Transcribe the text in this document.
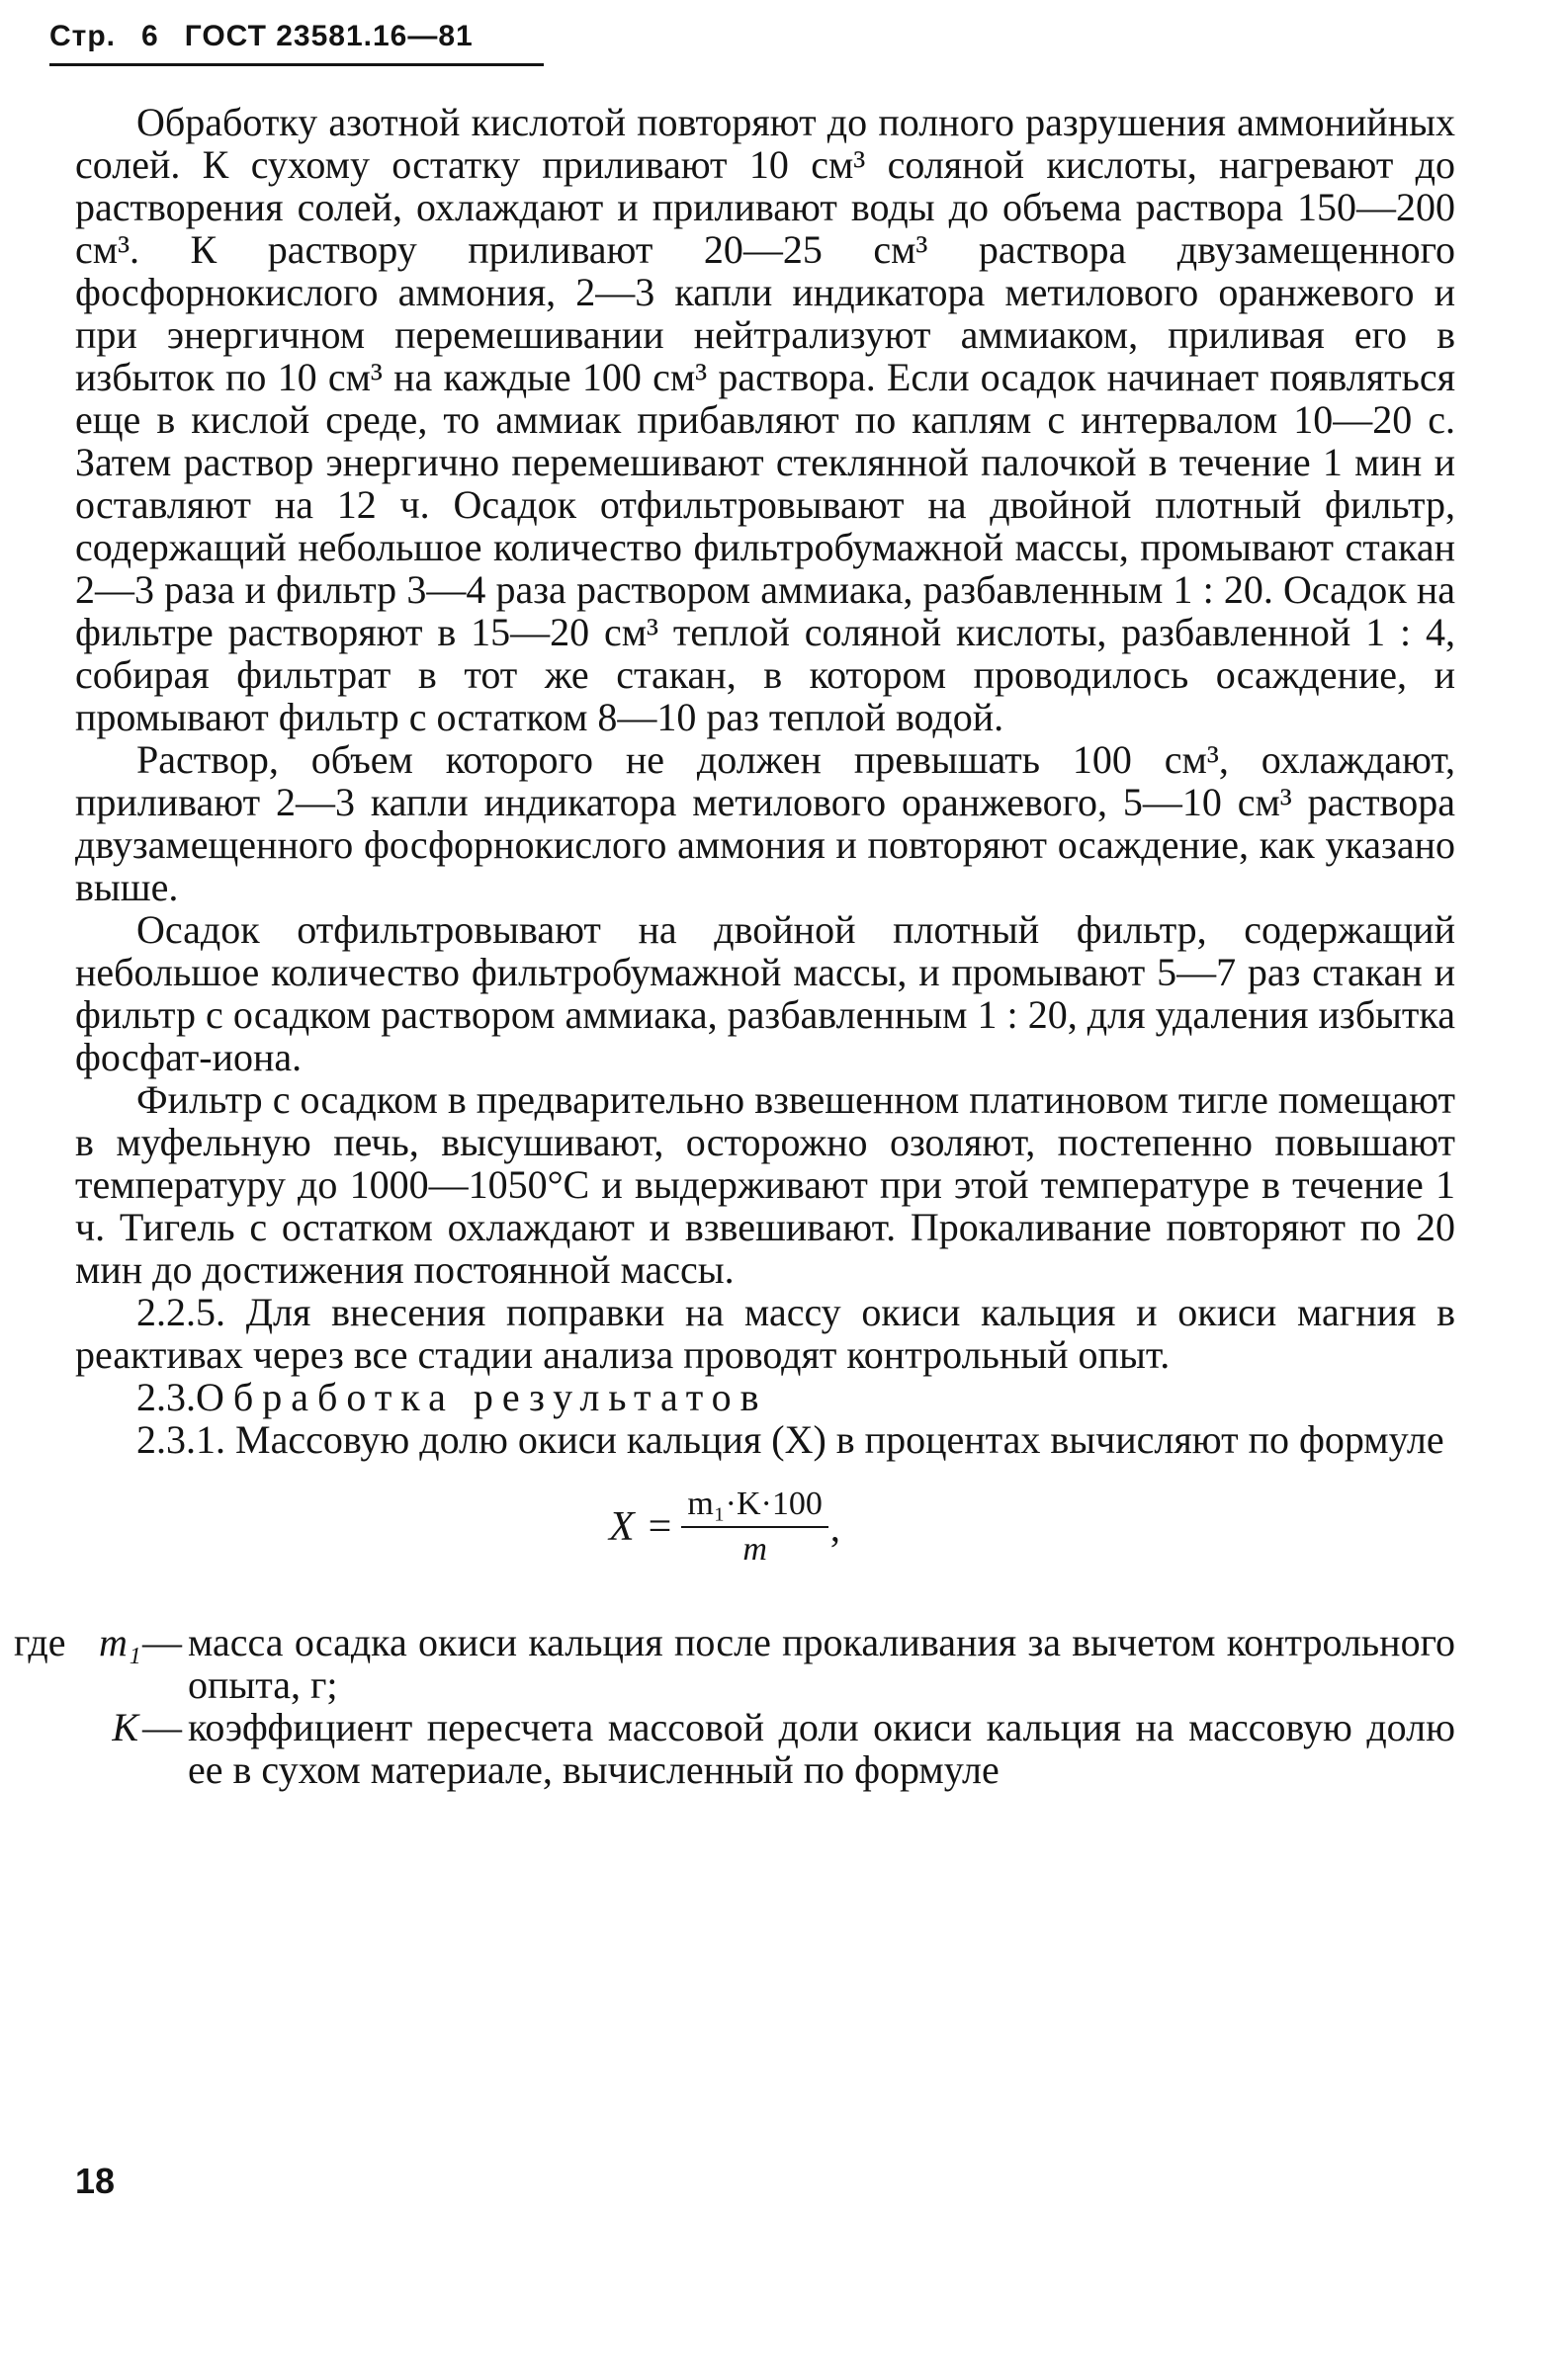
Стр. 6 ГОСТ 23581.16—81

Обработку азотной кислотой повторяют до полного разрушения аммонийных солей. К сухому остатку приливают 10 см³ соляной кислоты, нагревают до растворения солей, охлаждают и приливают воды до объема раствора 150—200 см³. К раствору приливают 20—25 см³ раствора двузамещенного фосфорнокислого аммония, 2—3 капли индикатора метилового оранжевого и при энергичном перемешивании нейтрализуют аммиаком, приливая его в избыток по 10 см³ на каждые 100 см³ раствора. Если осадок начинает появляться еще в кислой среде, то аммиак прибавляют по каплям с интервалом 10—20 с. Затем раствор энергично перемешивают стеклянной палочкой в течение 1 мин и оставляют на 12 ч. Осадок отфильтровывают на двойной плотный фильтр, содержащий небольшое количество фильтробумажной массы, промывают стакан 2—3 раза и фильтр 3—4 раза раствором аммиака, разбавленным 1 : 20. Осадок на фильтре растворяют в 15—20 см³ теплой соляной кислоты, разбавленной 1 : 4, собирая фильтрат в тот же стакан, в котором проводилось осаждение, и промывают фильтр с остатком 8—10 раз теплой водой.

Раствор, объем которого не должен превышать 100 см³, охлаждают, приливают 2—3 капли индикатора метилового оранжевого, 5—10 см³ раствора двузамещенного фосфорнокислого аммония и повторяют осаждение, как указано выше.

Осадок отфильтровывают на двойной плотный фильтр, содержащий небольшое количество фильтробумажной массы, и промывают 5—7 раз стакан и фильтр с осадком раствором аммиака, разбавленным 1 : 20, для удаления избытка фосфат-иона.

Фильтр с осадком в предварительно взвешенном платиновом тигле помещают в муфельную печь, высушивают, осторожно озоляют, постепенно повышают температуру до 1000—1050°С и выдерживают при этой температуре в течение 1 ч. Тигель с остатком охлаждают и взвешивают. Прокаливание повторяют по 20 мин до достижения постоянной массы.

2.2.5. Для внесения поправки на массу окиси кальция и окиси магния в реактивах через все стадии анализа проводят контрольный опыт.

2.3.Обработка результатов

2.3.1. Массовую долю окиси кальция (X) в процентах вычисляют по формуле

$X = \frac{\text{m₁·K·100}}{m}$ ,
где m₁ — масса осадка окиси кальция после прокаливания за вычетом контрольного опыта, г;
K — коэффициент пересчета массовой доли окиси кальция на массовую долю ее в сухом материале, вычисленный по формуле
18
